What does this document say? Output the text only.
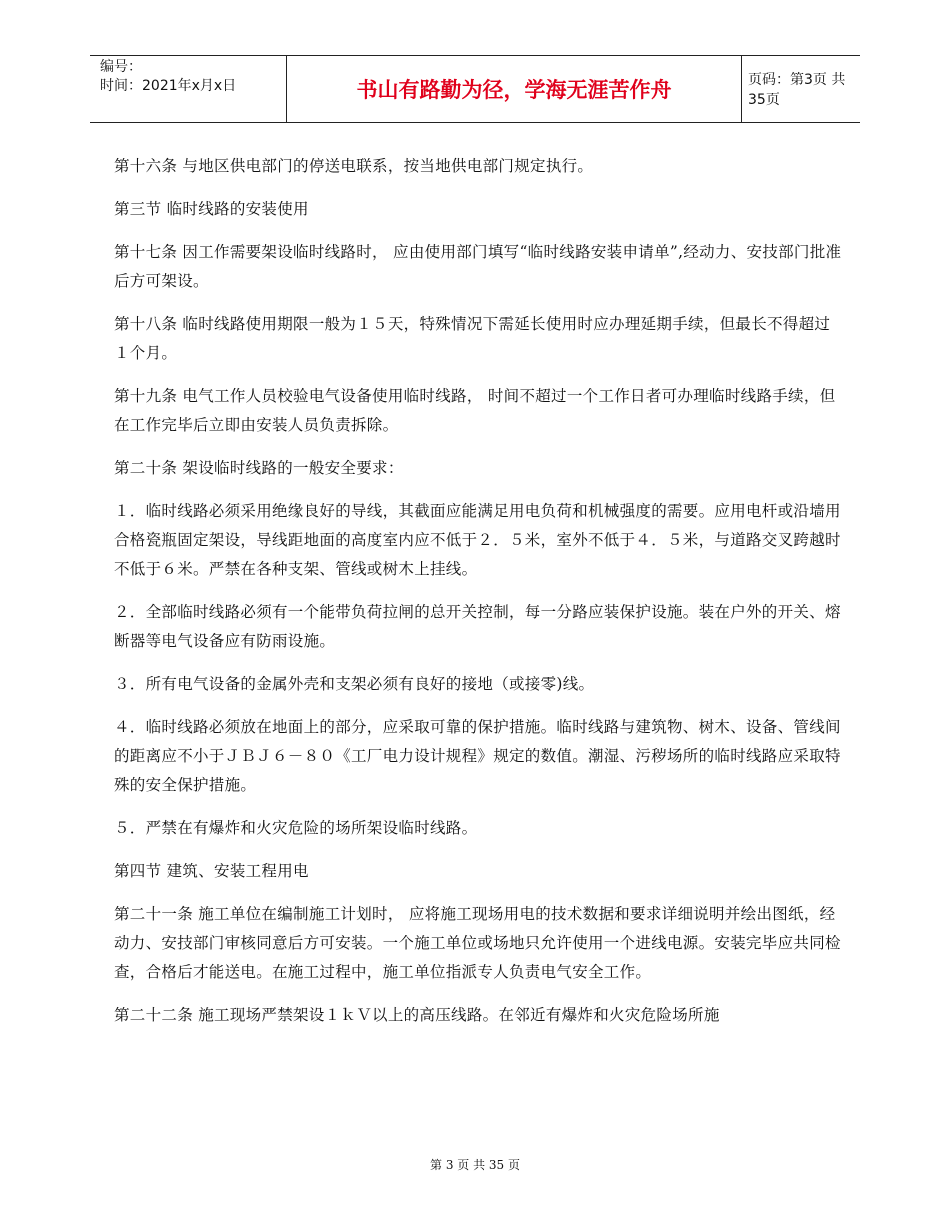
编号：
时间：2021年x月x日	书山有路勤为径，学海无涯苦作舟	页码：第3页 共35页

第十六条 与地区供电部门的停送电联系，按当地供电部门规定执行。

第三节 临时线路的安装使用

第十七条 因工作需要架设临时线路时， 应由使用部门填写“临时线路安装申请单”,经动力、安技部门批准后方可架设。

第十八条 临时线路使用期限一般为１５天，特殊情况下需延长使用时应办理延期手续，但最长不得超过１个月。

第十九条 电气工作人员校验电气设备使用临时线路， 时间不超过一个工作日者可办理临时线路手续，但在工作完毕后立即由安装人员负责拆除。

第二十条 架设临时线路的一般安全要求：

１．临时线路必须采用绝缘良好的导线，其截面应能满足用电负荷和机械强度的需要。应用电杆或沿墙用合格瓷瓶固定架设，导线距地面的高度室内应不低于２．５米，室外不低于４．５米，与道路交叉跨越时不低于６米。严禁在各种支架、管线或树木上挂线。

２．全部临时线路必须有一个能带负荷拉闸的总开关控制，每一分路应装保护设施。装在户外的开关、熔断器等电气设备应有防雨设施。

３．所有电气设备的金属外壳和支架必须有良好的接地（或接零)线。

４．临时线路必须放在地面上的部分，应采取可靠的保护措施。临时线路与建筑物、树木、设备、管线间的距离应不小于ＪＢＪ６－８０《工厂电力设计规程》规定的数值。潮湿、污秽场所的临时线路应采取特殊的安全保护措施。

５．严禁在有爆炸和火灾危险的场所架设临时线路。

第四节 建筑、安装工程用电

第二十一条 施工单位在编制施工计划时， 应将施工现场用电的技术数据和要求详细说明并绘出图纸，经动力、安技部门审核同意后方可安装。一个施工单位或场地只允许使用一个进线电源。安装完毕应共同检查，合格后才能送电。在施工过程中，施工单位指派专人负责电气安全工作。

第二十二条 施工现场严禁架设１ｋＶ以上的高压线路。在邻近有爆炸和火灾危险场所施

第 3 页 共 35 页
